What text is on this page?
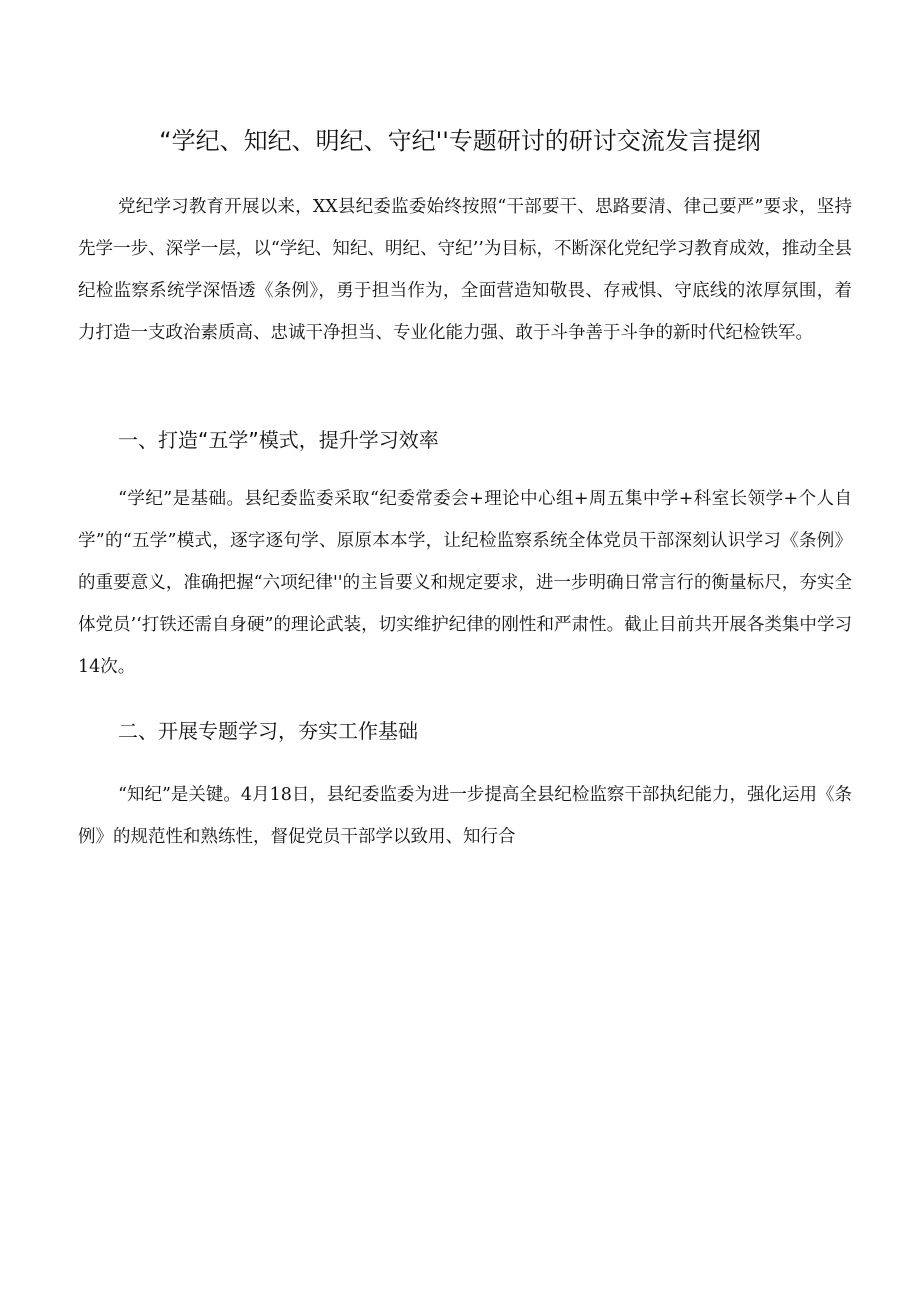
“学纪、知纪、明纪、守纪''专题研讨的研讨交流发言提纲

党纪学习教育开展以来，XX县纪委监委始终按照“干部要干、思路要清、律己要严”要求，坚持先学一步、深学一层，以“学纪、知纪、明纪、守纪’’为目标，不断深化党纪学习教育成效，推动全县纪检监察系统学深悟透《条例》，勇于担当作为，全面营造知敬畏、存戒惧、守底线的浓厚氛围，着力打造一支政治素质高、忠诚干净担当、专业化能力强、敢于斗争善于斗争的新时代纪检铁军。

一、打造“五学”模式，提升学习效率

“学纪”是基础。县纪委监委采取“纪委常委会+理论中心组+周五集中学+科室长领学+个人自学”的“五学”模式，逐字逐句学、原原本本学，让纪检监察系统全体党员干部深刻认识学习《条例》的重要意义，准确把握“六项纪律''的主旨要义和规定要求，进一步明确日常言行的衡量标尺，夯实全体党员’‘打铁还需自身硬”的理论武装，切实维护纪律的刚性和严肃性。截止目前共开展各类集中学习14次。

二、开展专题学习，夯实工作基础

“知纪”是关键。4月18日，县纪委监委为进一步提高全县纪检监察干部执纪能力，强化运用《条例》的规范性和熟练性，督促党员干部学以致用、知行合
